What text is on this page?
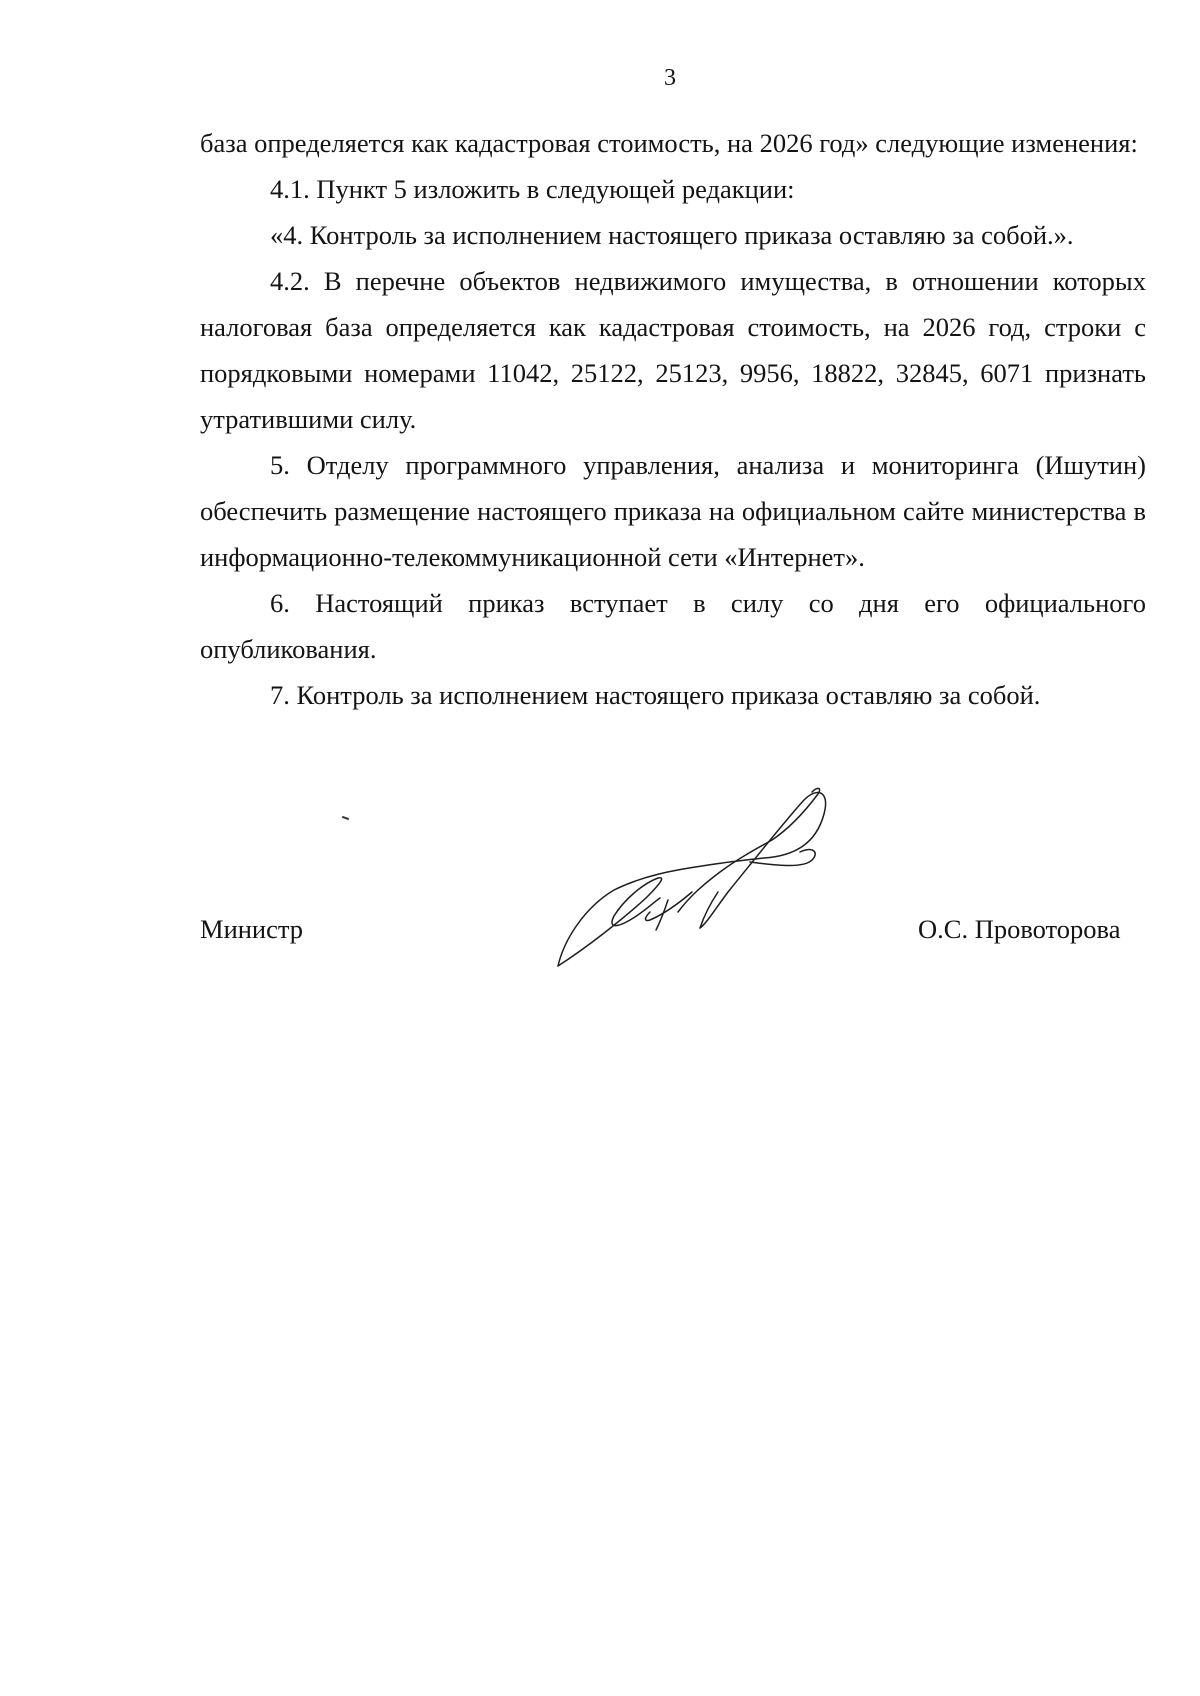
3

база определяется как кадастровая стоимость, на 2026 год» следующие изменения:

4.1. Пункт 5 изложить в следующей редакции:

«4. Контроль за исполнением настоящего приказа оставляю за собой.».

4.2. В перечне объектов недвижимого имущества, в отношении которых налоговая база определяется как кадастровая стоимость, на 2026 год, строки с порядковыми номерами 11042, 25122, 25123, 9956, 18822, 32845, 6071 признать утратившими силу.

5. Отделу программного управления, анализа и мониторинга (Ишутин) обеспечить размещение настоящего приказа на официальном сайте министерства в информационно-телекоммуникационной сети «Интернет».

6. Настоящий приказ вступает в силу со дня его официального опубликования.

7. Контроль за исполнением настоящего приказа оставляю за собой.

Министр	О.С. Провоторова
